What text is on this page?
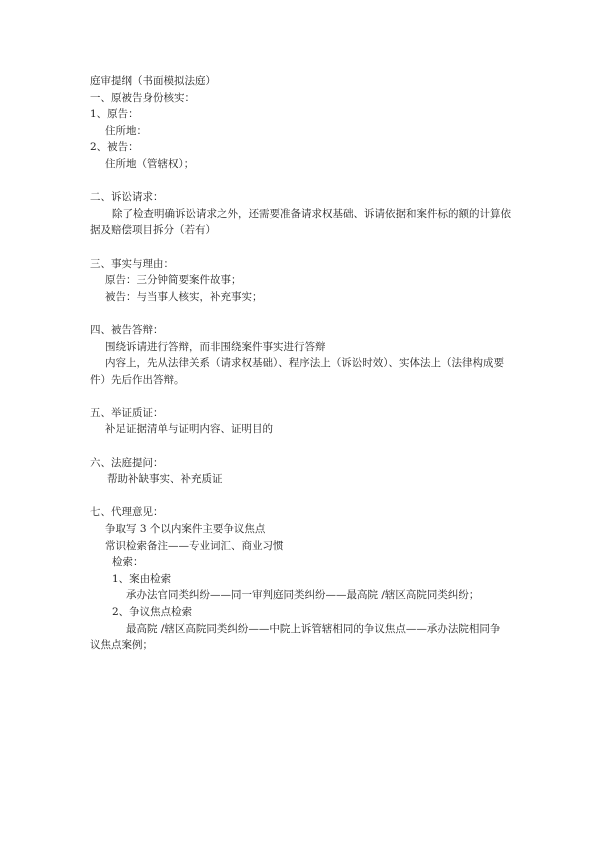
庭审提纲（书面模拟法庭）
一、原被告身份核实：
1、原告：
住所地：
2、被告：
住所地（管辖权）；
二、诉讼请求：
除了检查明确诉讼请求之外，还需要准备请求权基础、诉请依据和案件标的额的计算依
据及赔偿项目拆分（若有）
三、事实与理由：
原告：三分钟简要案件故事；
被告：与当事人核实，补充事实；
四、被告答辩：
围绕诉请进行答辩，而非围绕案件事实进行答辩
内容上，先从法律关系（请求权基础）、程序法上（诉讼时效）、实体法上（法律构成要
件）先后作出答辩。
五、举证质证：
补足证据清单与证明内容、证明目的
六、法庭提问：
帮助补缺事实、补充质证
七、代理意见：
争取写 3 个以内案件主要争议焦点
常识检索备注——专业词汇、商业习惯
检索：
1、案由检索
承办法官同类纠纷——同一审判庭同类纠纷——最高院 /辖区高院同类纠纷；
2、争议焦点检索
最高院 /辖区高院同类纠纷——中院上诉管辖相同的争议焦点——承办法院相同争
议焦点案例；
